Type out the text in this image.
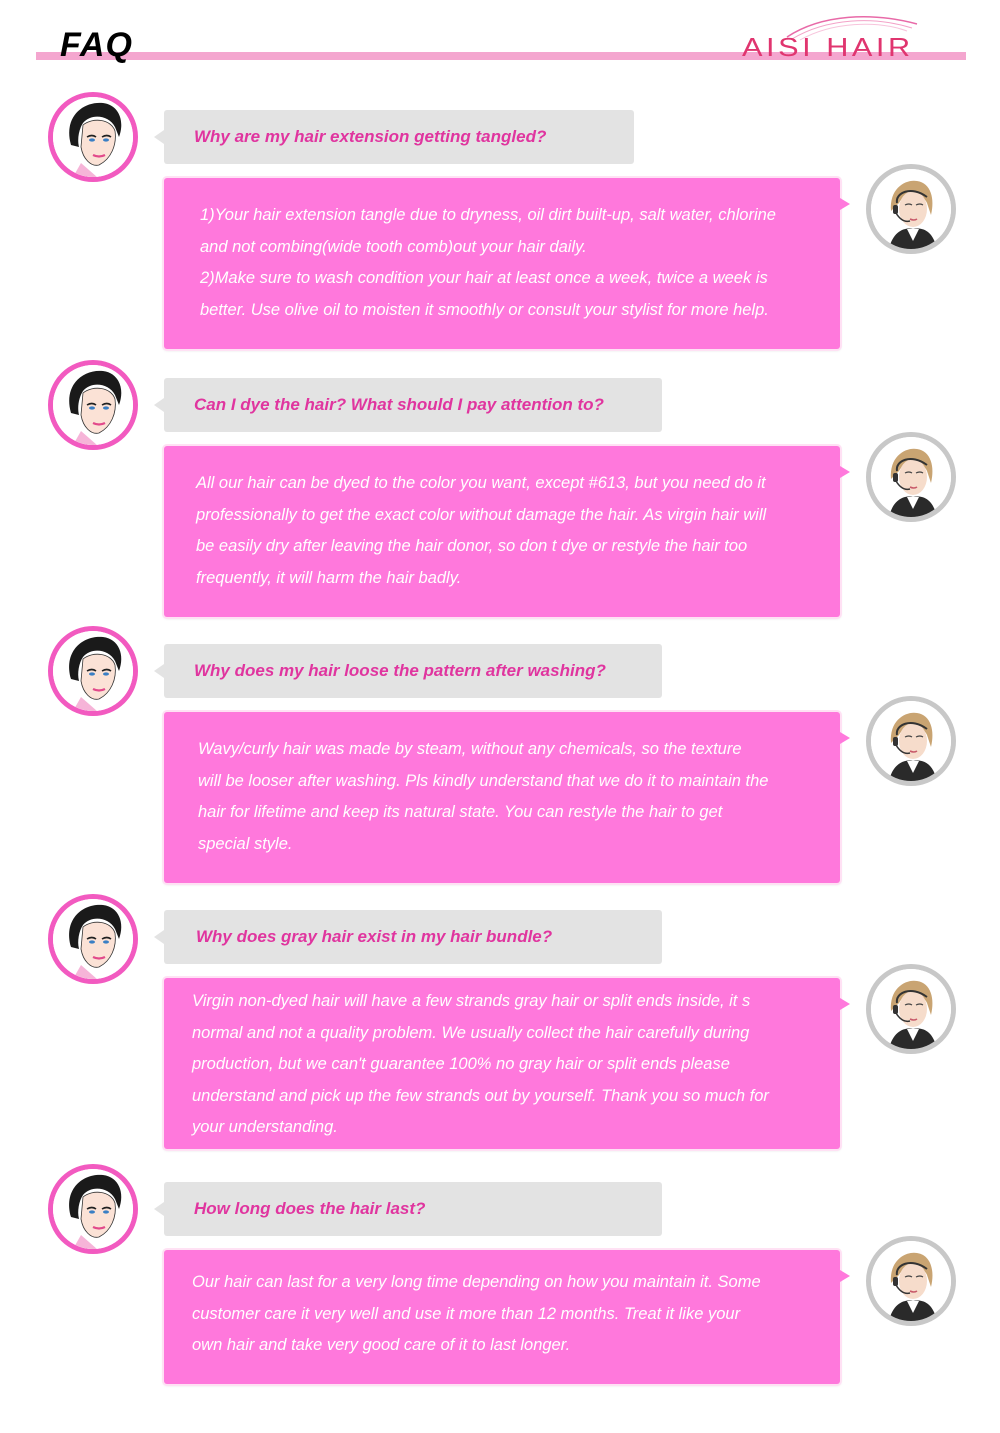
FAQ	AISI HAIR
Why are my hair extension getting tangled?
1)Your hair extension tangle due to dryness, oil dirt built-up, salt water, chlorine
and not combing(wide tooth comb)out your hair daily.
2)Make sure to wash condition your hair at least once a week, twice a week is
better. Use olive oil to moisten it smoothly or consult your stylist for more help.
Can I dye the hair? What should I pay attention to?
All our hair can be dyed to the color you want, except #613, but you need do it
professionally to get the exact color without damage the hair. As virgin hair will
be easily dry after leaving the hair donor, so don t dye or restyle the hair too
frequently, it will harm the hair badly.
Why does my hair loose the pattern after washing?
Wavy/curly hair was made by steam, without any chemicals, so the texture
will be looser after washing. Pls kindly understand that we do it to maintain the
hair for lifetime and keep its natural state. You can restyle the hair to get
special style.
Why does gray hair exist in my hair bundle?
Virgin non-dyed hair will have a few strands gray hair or split ends inside, it s
normal and not a quality problem. We usually collect the hair carefully during
production, but we can't guarantee 100% no gray hair or split ends please
understand and pick up the few strands out by yourself. Thank you so much for
your understanding.
How long does the hair last?
Our hair can last for a very long time depending on how you maintain it. Some
customer care it very well and use it more than 12 months. Treat it like your
own hair and take very good care of it to last longer.
